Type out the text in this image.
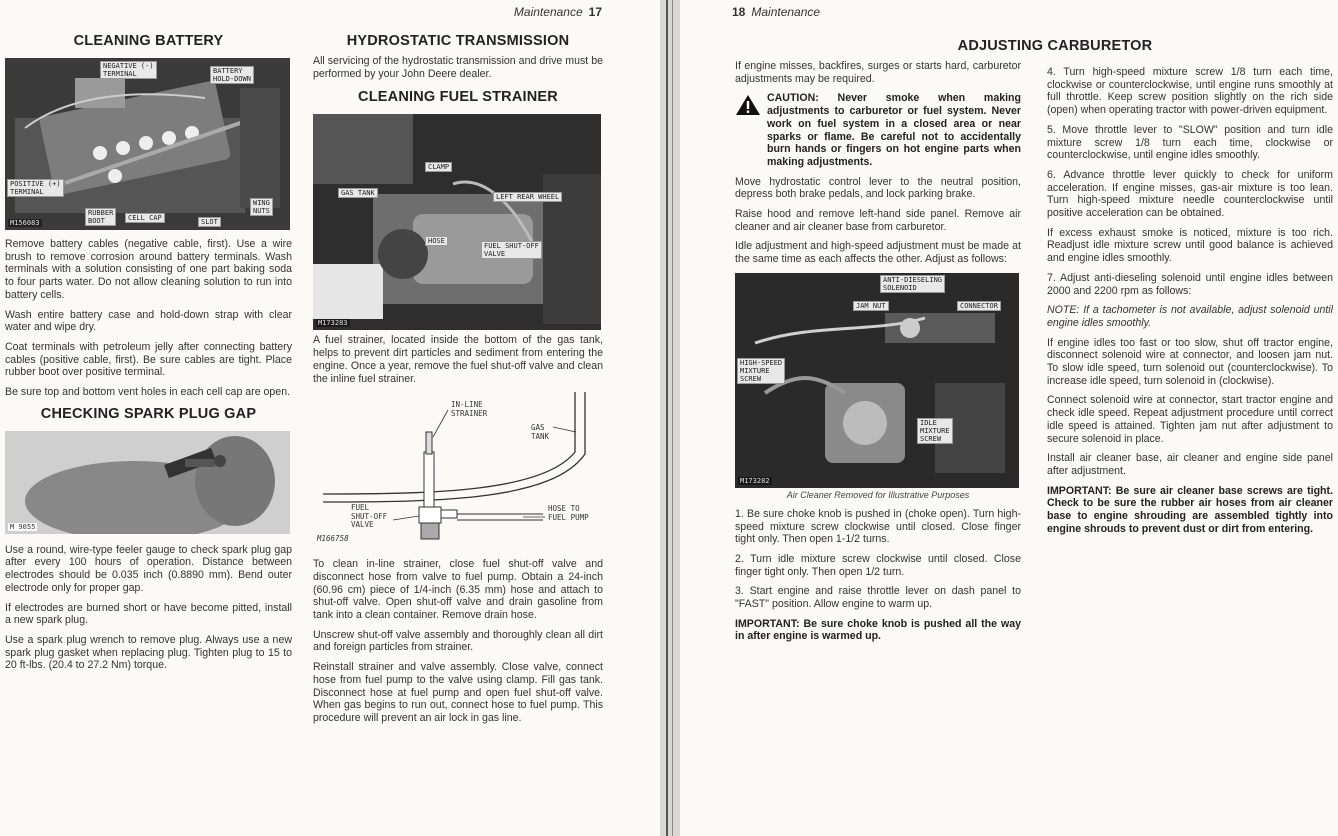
Maintenance 17
CLEANING BATTERY
NEGATIVE (-)
TERMINAL	BATTERY
HOLD-DOWN
POSITIVE (+)
TERMINAL
RUBBER
BOOT
WING
NUTS
CELL CAP	SLOT
M156083

Remove battery cables (negative cable, first). Use a wire brush to remove corrosion around battery terminals. Wash terminals with a solution consisting of one part baking soda to four parts water. Do not allow cleaning solution to run into battery cells.

Wash entire battery case and hold-down strap with clear water and wipe dry.

Coat terminals with petroleum jelly after connecting battery cables (positive cable, first). Be sure cables are tight. Place rubber boot over positive terminal.

Be sure top and bottom vent holes in each cell cap are open.

CHECKING SPARK PLUG GAP
M 9055

Use a round, wire-type feeler gauge to check spark plug gap after every 100 hours of operation. Distance between electrodes should be 0.035 inch (0.8890 mm). Bend outer electrode only for proper gap.

If electrodes are burned short or have become pitted, install a new spark plug.

Use a spark plug wrench to remove plug. Always use a new spark plug gasket when replacing plug. Tighten plug to 15 to 20 ft-lbs. (20.4 to 27.2 Nm) torque.

HYDROSTATIC TRANSMISSION

All servicing of the hydrostatic transmission and drive must be performed by your John Deere dealer.

CLEANING FUEL STRAINER
CLAMP
GAS TANK	LEFT REAR WHEEL
HOSE
FUEL SHUT-OFF
VALVE
M173283

A fuel strainer, located inside the bottom of the gas tank, helps to prevent dirt particles and sediment from entering the engine. Once a year, remove the fuel shut-off valve and clean the inline fuel strainer.

IN-LINE
STRAINER
GAS
TANK
FUEL
SHUT-OFF
VALVE
HOSE TO
FUEL PUMP
M166758

To clean in-line strainer, close fuel shut-off valve and disconnect hose from valve to fuel pump. Obtain a 24-inch (60.96 cm) piece of 1/4-inch (6.35 mm) hose and attach to shut-off valve. Open shut-off valve and drain gasoline from tank into a clean container. Remove drain hose.

Unscrew shut-off valve assembly and thoroughly clean all dirt and foreign particles from strainer.

Reinstall strainer and valve assembly. Close valve, connect hose from fuel pump to the valve using clamp. Fill gas tank. Disconnect hose at fuel pump and open fuel shut-off valve. When gas begins to run out, connect hose to fuel pump. This procedure will prevent an air lock in gas line.

18 Maintenance
ADJUSTING CARBURETOR

If engine misses, backfires, surges or starts hard, carburetor adjustments may be required.

CAUTION: Never smoke when making adjustments to carburetor or fuel system. Never work on fuel system in a closed area or near sparks or flame. Be careful not to accidentally burn hands or fingers on hot engine parts when making adjustments.

Move hydrostatic control lever to the neutral position, depress both brake pedals, and lock parking brake.

Raise hood and remove left-hand side panel. Remove air cleaner and air cleaner base from carburetor.

Idle adjustment and high-speed adjustment must be made at the same time as each affects the other. Adjust as follows:

ANTI-DIESELING
SOLENOID
JAM NUT	CONNECTOR
HIGH-SPEED
MIXTURE
SCREW
IDLE
MIXTURE
SCREW
M173282
Air Cleaner Removed for Illustrative Purposes

1. Be sure choke knob is pushed in (choke open). Turn high-speed mixture screw clockwise until closed. Close finger tight only. Then open 1-1/2 turns.

2. Turn idle mixture screw clockwise until closed. Close finger tight only. Then open 1/2 turn.

3. Start engine and raise throttle lever on dash panel to "FAST" position. Allow engine to warm up.

IMPORTANT: Be sure choke knob is pushed all the way in after engine is warmed up.

4. Turn high-speed mixture screw 1/8 turn each time, clockwise or counterclockwise, until engine runs smoothly at full throttle. Keep screw position slightly on the rich side (open) when operating tractor with power-driven equipment.

5. Move throttle lever to "SLOW" position and turn idle mixture screw 1/8 turn each time, clockwise or counterclockwise, until engine idles smoothly.

6. Advance throttle lever quickly to check for uniform acceleration. If engine misses, gas-air mixture is too lean. Turn high-speed mixture needle counterclockwise until positive acceleration can be obtained.

If excess exhaust smoke is noticed, mixture is too rich. Readjust idle mixture screw until good balance is achieved and engine idles smoothly.

7. Adjust anti-dieseling solenoid until engine idles between 2000 and 2200 rpm as follows:

NOTE: If a tachometer is not available, adjust solenoid until engine idles smoothly.

If engine idles too fast or too slow, shut off tractor engine, disconnect solenoid wire at connector, and loosen jam nut. To slow idle speed, turn solenoid out (counterclockwise). To increase idle speed, turn solenoid in (clockwise).

Connect solenoid wire at connector, start tractor engine and check idle speed. Repeat adjustment procedure until correct idle speed is attained. Tighten jam nut after adjustment to secure solenoid in place.

Install air cleaner base, air cleaner and engine side panel after adjustment.

IMPORTANT: Be sure air cleaner base screws are tight. Check to be sure the rubber air hoses from air cleaner base to engine shrouding are assembled tightly into engine shrouds to prevent dust or dirt from entering.
